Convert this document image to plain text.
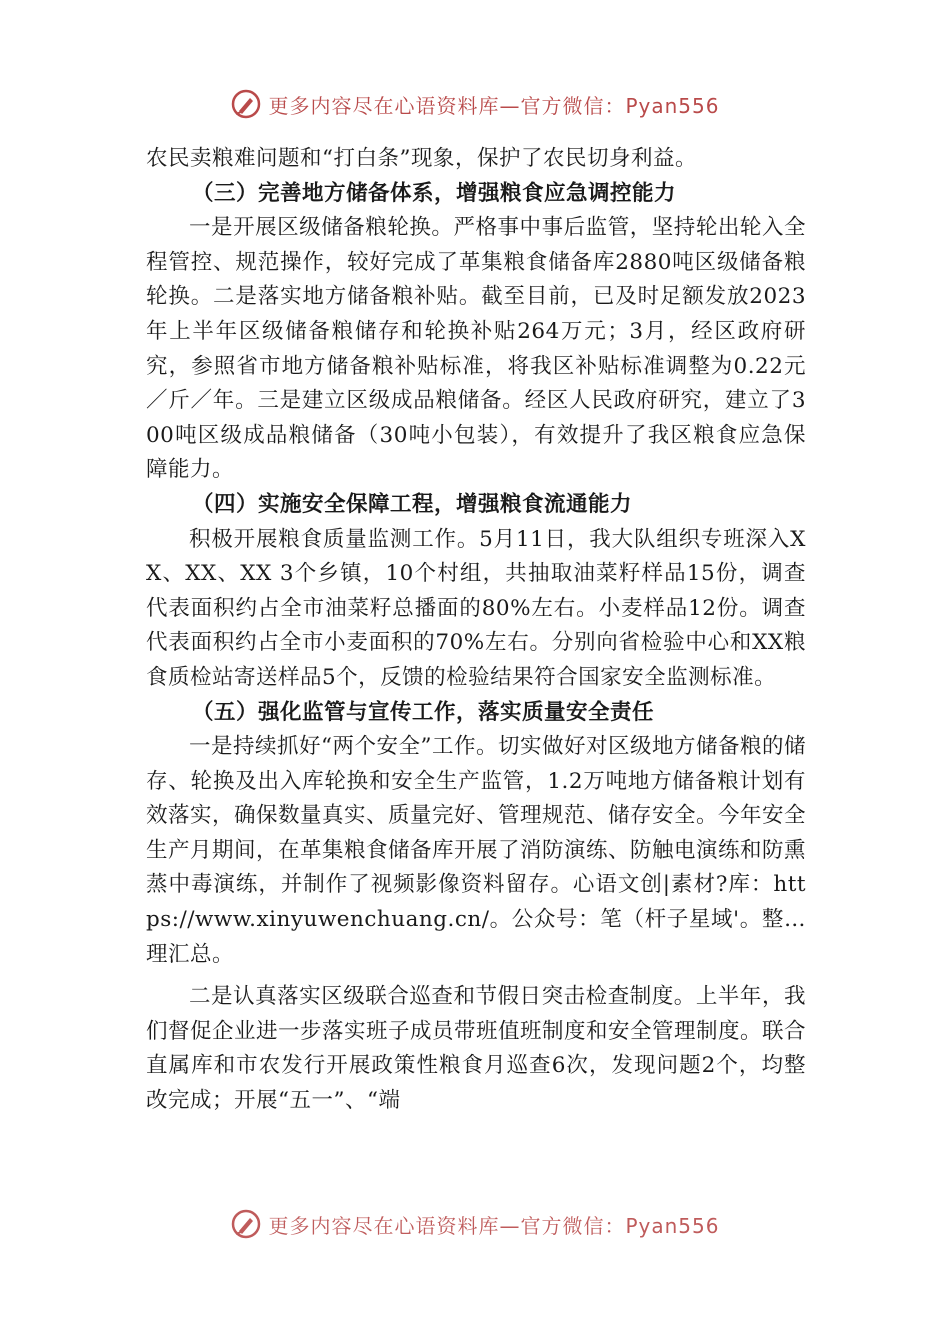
更多内容尽在心语资料库—官方微信：Pyan556

农民卖粮难问题和“打白条”现象，保护了农民切身利益。

（三）完善地方储备体系，增强粮食应急调控能力

一是开展区级储备粮轮换。严格事中事后监管，坚持轮出轮入全程管控、规范操作，较好完成了革集粮食储备库2880吨区级储备粮轮换。二是落实地方储备粮补贴。截至目前，已及时足额发放2023年上半年区级储备粮储存和轮换补贴264万元；3月，经区政府研究，参照省市地方储备粮补贴标准，将我区补贴标准调整为0.22元／斤／年。三是建立区级成品粮储备。经区人民政府研究，建立了300吨区级成品粮储备（30吨小包装），有效提升了我区粮食应急保障能力。

（四）实施安全保障工程，增强粮食流通能力

积极开展粮食质量监测工作。5月11日，我大队组织专班深入XX、XX、XX 3个乡镇，10个村组，共抽取油菜籽样品15份，调查代表面积约占全市油菜籽总播面的80%左右。小麦样品12份。调查代表面积约占全市小麦面积的70%左右。分别向省检验中心和XX粮食质检站寄送样品5个，反馈的检验结果符合国家安全监测标准。

（五）强化监管与宣传工作，落实质量安全责任

一是持续抓好“两个安全”工作。切实做好对区级地方储备粮的储存、轮换及出入库轮换和安全生产监管，1.2万吨地方储备粮计划有效落实，确保数量真实、质量完好、管理规范、储存安全。今年安全生产月期间，在革集粮食储备库开展了消防演练、防触电演练和防熏蒸中毒演练，并制作了视频影像资料留存。心语文创|素材?库：https://www.xinyuwenchuang.cn/。公众号：笔（杆子星域'。整…理汇总。

二是认真落实区级联合巡查和节假日突击检查制度。上半年，我们督促企业进一步落实班子成员带班值班制度和安全管理制度。联合直属库和市农发行开展政策性粮食月巡查6次，发现问题2个，均整改完成；开展“五一”、“端

更多内容尽在心语资料库—官方微信：Pyan556
